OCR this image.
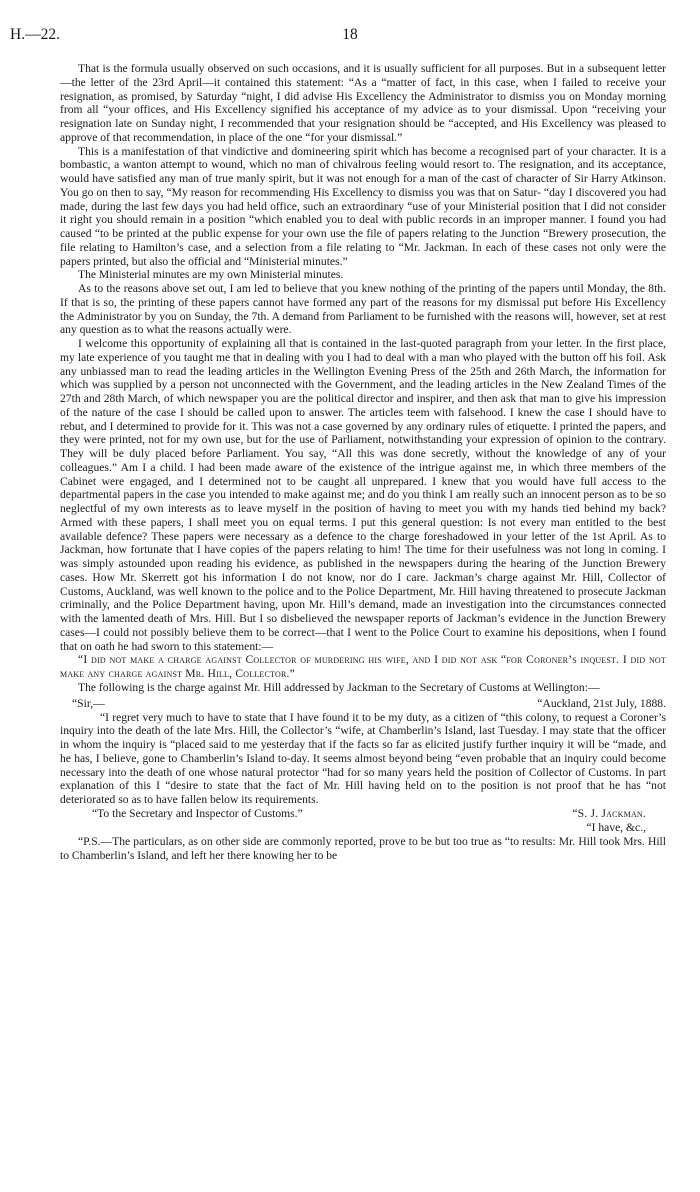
H.—22.	18

That is the formula usually observed on such occasions, and it is usually sufficient for all purposes. But in a subsequent letter—the letter of the 23rd April—it contained this statement: “As a “matter of fact, in this case, when I failed to receive your resignation, as promised, by Saturday “night, I did advise His Excellency the Administrator to dismiss you on Monday morning from all “your offices, and His Excellency signified his acceptance of my advice as to your dismissal. Upon “receiving your resignation late on Sunday night, I recommended that your resignation should be “accepted, and His Excellency was pleased to approve of that recommendation, in place of the one “for your dismissal.”

This is a manifestation of that vindictive and domineering spirit which has become a recognised part of your character. It is a bombastic, a wanton attempt to wound, which no man of chivalrous feeling would resort to. The resignation, and its acceptance, would have satisfied any man of true manly spirit, but it was not enough for a man of the cast of character of Sir Harry Atkinson. You go on then to say, “My reason for recommending His Excellency to dismiss you was that on Satur- “day I discovered you had made, during the last few days you had held office, such an extraordinary “use of your Ministerial position that I did not consider it right you should remain in a position “which enabled you to deal with public records in an improper manner. I found you had caused “to be printed at the public expense for your own use the file of papers relating to the Junction “Brewery prosecution, the file relating to Hamilton’s case, and a selection from a file relating to “Mr. Jackman. In each of these cases not only were the papers printed, but also the official and “Ministerial minutes.”

The Ministerial minutes are my own Ministerial minutes.

As to the reasons above set out, I am led to believe that you knew nothing of the printing of the papers until Monday, the 8th. If that is so, the printing of these papers cannot have formed any part of the reasons for my dismissal put before His Excellency the Administrator by you on Sunday, the 7th. A demand from Parliament to be furnished with the reasons will, however, set at rest any question as to what the reasons actually were.

I welcome this opportunity of explaining all that is contained in the last-quoted paragraph from your letter. In the first place, my late experience of you taught me that in dealing with you I had to deal with a man who played with the button off his foil. Ask any unbiassed man to read the leading articles in the Wellington Evening Press of the 25th and 26th March, the information for which was supplied by a person not unconnected with the Government, and the leading articles in the New Zealand Times of the 27th and 28th March, of which newspaper you are the political director and inspirer, and then ask that man to give his impression of the nature of the case I should be called upon to answer. The articles teem with falsehood. I knew the case I should have to rebut, and I determined to provide for it. This was not a case governed by any ordinary rules of etiquette. I printed the papers, and they were printed, not for my own use, but for the use of Parliament, notwithstanding your expression of opinion to the contrary. They will be duly placed before Parliament. You say, “All this was done secretly, without the knowledge of any of your colleagues.” Am I a child. I had been made aware of the existence of the intrigue against me, in which three members of the Cabinet were engaged, and I determined not to be caught all unprepared. I knew that you would have full access to the departmental papers in the case you intended to make against me; and do you think I am really such an innocent person as to be so neglectful of my own interests as to leave myself in the position of having to meet you with my hands tied behind my back? Armed with these papers, I shall meet you on equal terms. I put this general question: Is not every man entitled to the best available defence? These papers were necessary as a defence to the charge foreshadowed in your letter of the 1st April. As to Jackman, how fortunate that I have copies of the papers relating to him! The time for their usefulness was not long in coming. I was simply astounded upon reading his evidence, as published in the newspapers during the hearing of the Junction Brewery cases. How Mr. Skerrett got his information I do not know, nor do I care. Jackman’s charge against Mr. Hill, Collector of Customs, Auckland, was well known to the police and to the Police Department, Mr. Hill having threatened to prosecute Jackman criminally, and the Police Department having, upon Mr. Hill’s demand, made an investigation into the circumstances connected with the lamented death of Mrs. Hill. But I so disbelieved the newspaper reports of Jackman’s evidence in the Junction Brewery cases—I could not possibly believe them to be correct—that I went to the Police Court to examine his depositions, when I found that on oath he had sworn to this statement:—

“I did not make a charge against Collector of murdering his wife, and I did not ask “for Coroner’s inquest. I did not make any charge against Mr. Hill, Collector.”

The following is the charge against Mr. Hill addressed by Jackman to the Secretary of Customs at Wellington:—

“Sir,—	“Auckland, 21st July, 1888.

“I regret very much to have to state that I have found it to be my duty, as a citizen of “this colony, to request a Coroner’s inquiry into the death of the late Mrs. Hill, the Collector’s “wife, at Chamberlin’s Island, last Tuesday. I may state that the officer in whom the inquiry is “placed said to me yesterday that if the facts so far as elicited justify further inquiry it will be “made, and he has, I believe, gone to Chamberlin’s Island to-day. It seems almost beyond being “even probable that an inquiry could become necessary into the death of one whose natural protector “had for so many years held the position of Collector of Customs. In part explanation of this I “desire to state that the fact of Mr. Hill having held on to the position is not proof that he has “not deteriorated so as to have fallen below its requirements.

“To the Secretary and Inspector of Customs.”	“S. J. Jackman.
“I have, &c.,

“P.S.—The particulars, as on other side are commonly reported, prove to be but too true as “to results: Mr. Hill took Mrs. Hill to Chamberlin’s Island, and left her there knowing her to be
